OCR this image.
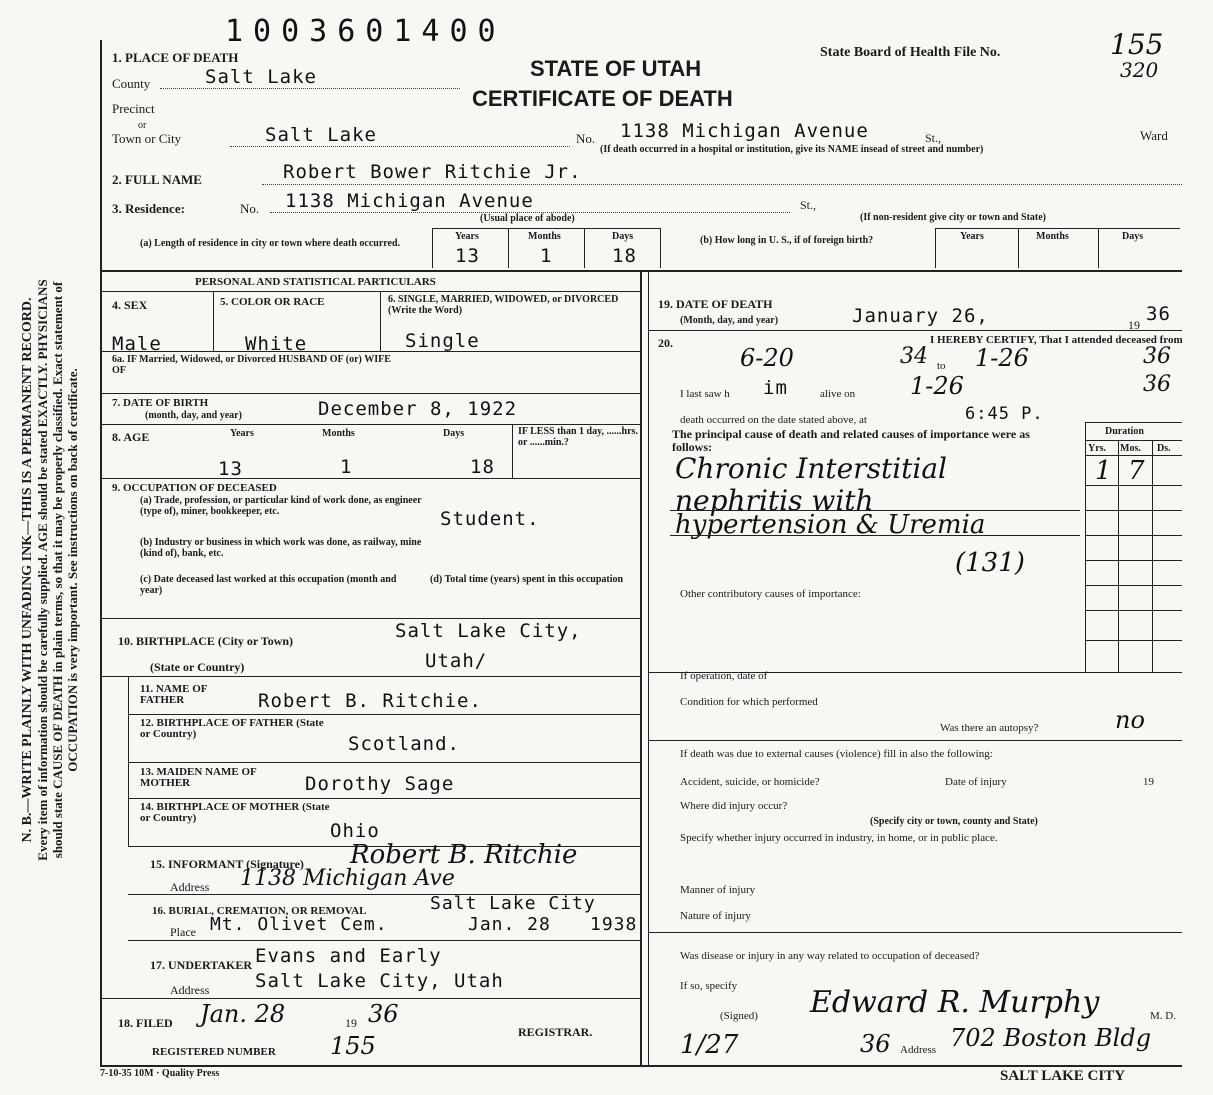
N. B.—WRITE PLAINLY WITH UNFADING INK—THIS IS A PERMANENT RECORD. Every item of information should be carefully supplied. AGE should be stated EXACTLY. PHYSICIANS should state CAUSE OF DEATH in plain terms, so that it may be properly classified. Exact statement of OCCUPATION is very important. See instructions on back of certificate.
1003601400
State Board of Health File No.	155
320
STATE OF UTAH
CERTIFICATE OF DEATH
1. PLACE OF DEATH
County	Salt Lake
Precinct
or
Town or City	Salt Lake	No. 1138 Michigan Avenue	St.,	Ward
(If death occurred in a hospital or institution, give its NAME insead of street and number)
2. FULL NAME	Robert Bower Ritchie Jr.
3. Residence:	No. 1138 Michigan Avenue	St.,
(Usual place of abode)	(If non-resident give city or town and State)
(a) Length of residence in city or town where death occurred.	(b) How long in U. S., if of foreign birth?
Years	Months	Days
13	1	18
Years	Months	Days
PERSONAL AND STATISTICAL PARTICULARS
4. SEX	5. COLOR OR RACE	6. SINGLE, MARRIED, WIDOWED, or DIVORCED (Write the Word)
Male	White	Single
6a. IF Married, Widowed, or Divorced HUSBAND OF (or) WIFE OF
7. DATE OF BIRTH
(month, day, and year)	December 8, 1922
8. AGE	Years	Months	Days	IF LESS than 1 day, ......hrs. or ......min.?
13	1	18
9. OCCUPATION OF DECEASED
(a) Trade, profession, or particular kind of work done, as engineer (type of), miner, bookkeeper, etc.	Student.
(b) Industry or business in which work was done, as railway, mine (kind of), bank, etc.
(c) Date deceased last worked at this occupation (month and year)
(d) Total time (years) spent in this occupation
10. BIRTHPLACE (City or Town)	Salt Lake City,
(State or Country)	Utah/
11. NAME OF FATHER	Robert B. Ritchie.
12. BIRTHPLACE OF FATHER (State or Country)	Scotland.
13. MAIDEN NAME OF MOTHER	Dorothy Sage
14. BIRTHPLACE OF MOTHER (State or Country)
Ohio
15. INFORMANT (Signature) Robert B. Ritchie
Address 1138 Michigan Ave
16. BURIAL, CREMATION, OR REMOVAL	Salt Lake City
Place Mt. Olivet Cem.	Jan. 28 1938
17. UNDERTAKER Evans and Early
Address Salt Lake City, Utah
18. FILED Jan. 28	19 36
REGISTRAR.
REGISTERED NUMBER 155
7-10-35 10M · Quality Press
19. DATE OF DEATH
(Month, day, and year)	January 26,	19 36
20.	I HEREBY CERTIFY, That I attended deceased from
6-20	34 to 1-26	36
I last saw h im	alive on 1-26	36
death occurred on the date stated above, at	6:45 P.
The principal cause of death and related causes of importance were as follows:
Duration
Yrs. Mos. Ds.
1 7
Chronic Interstitial
nephritis with
hypertension & Uremia
(131)
Other contributory causes of importance:
If operation, date of
Condition for which performed
Was there an autopsy?	no
If death was due to external causes (violence) fill in also the following:
Accident, suicide, or homicide?	Date of injury	19
Where did injury occur?
(Specify city or town, county and State)
Specify whether injury occurred in industry, in home, or in public place.
Manner of injury
Nature of injury
Was disease or injury in any way related to occupation of deceased?
If so, specify
(Signed) Edward R. Murphy	M. D.
1/27	36 Address 702 Boston Bldg
SALT LAKE CITY
